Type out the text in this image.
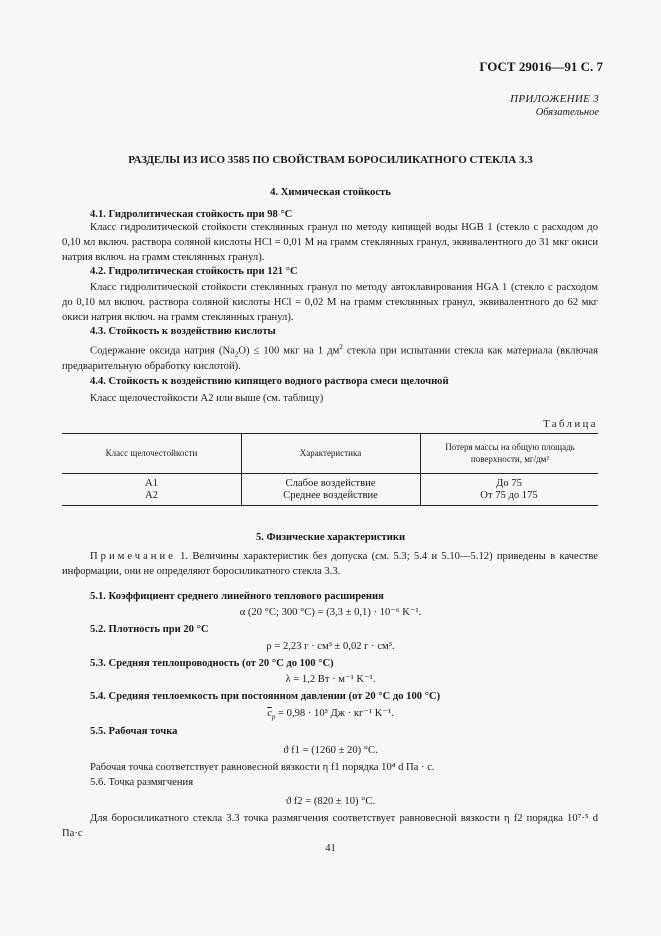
ГОСТ 29016—91 С. 7
ПРИЛОЖЕНИЕ 3
Обязательное
РАЗДЕЛЫ ИЗ ИСО 3585 ПО СВОЙСТВАМ БОРОСИЛИКАТНОГО СТЕКЛА 3.3
4. Химическая стойкость
4.1. Гидролитическая стойкость при 98 °С
Класс гидролитической стойкости стеклянных гранул по методу кипящей воды HGB 1 (стекло с расходом до 0,10 мл включ. раствора соляной кислоты HCl = 0,01 М на грамм стеклянных гранул, эквивалентного до 31 мкг окиси натрия включ. на грамм стеклянных гранул).
4.2. Гидролитическая стойкость при 121 °С
Класс гидролитической стойкости стеклянных гранул по методу автоклавирования HGA 1 (стекло с расходом до 0,10 мл включ. раствора соляной кислоты HCl = 0,02 М на грамм стеклянных гранул, эквивалентного до 62 мкг окиси натрия включ. на грамм стеклянных гранул).
4.3. Стойкость к воздействию кислоты
Содержание оксида натрия $(Na_2O) \le 100$ мкг на 1 $дм^2$ стекла при испытании стекла как материала (включая предварительную обработку кислотой).
4.4. Стойкость к воздействию кипящего водного раствора смеси щелочной
Класс щелочестойкости А2 или выше (см. таблицу)
Таблица
Класс щелочестойкости	Характеристика
Потеря массы на общую площадь поверхности, мг/дм²
А1
А2
Слабое воздействие
Среднее воздействие
До 75
От 75 до 175
5. Физические характеристики
Примечание 1. Величины характеристик без допуска (см. 5.3; 5.4 и 5.10—5.12) приведены в качестве информации, они не определяют боросиликатного стекла 3.3.
5.1. Коэффициент среднего линейного теплового расширения
α (20 °С; 300 °С) = (3,3 ± 0,1) · 10⁻⁶ K⁻¹.
5.2. Плотность при 20 °С
ρ = 2,23 г · см³ ± 0,02 г · см³.
5.3. Средняя теплопроводность (от 20 °С до 100 °С)
λ = 1,2 Вт · м⁻¹ K⁻¹.
5.4. Средняя теплоемкость при постоянном давлении (от 20 °С до 100 °С)
$\overline{c}_p = 0,98 \cdot 10^3$ Дж · кг⁻¹ K⁻¹.
5.5. Рабочая точка
ϑ f1 = (1260 ± 20) °С.
Рабочая точка соответствует равновесной вязкости η f1 порядка 10⁴ d Па · с.
5.6. Точка размягчения
ϑ f2 = (820 ± 10) °С.
Для боросиликатного стекла 3.3 точка размягчения соответствует равновесной вязкости η f2 порядка 10⁷·⁵ d Па·с
41
